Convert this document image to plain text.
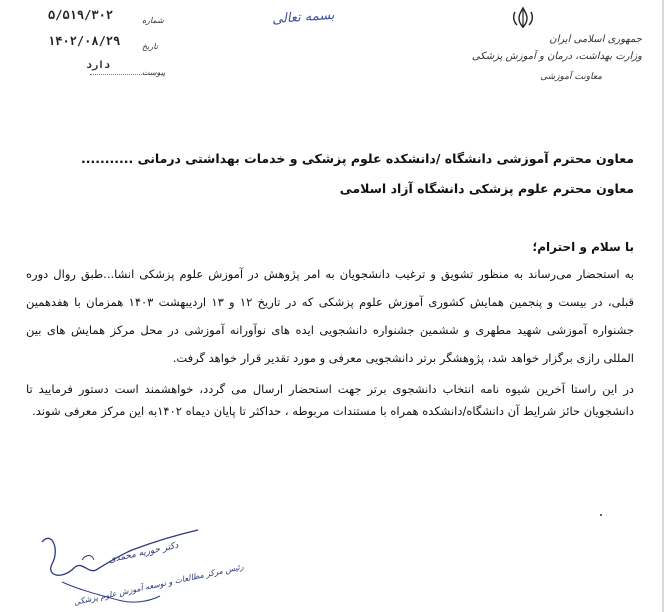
۵/۵۱۹/۳۰۲	شماره
۱۴۰۲/۰۸/۲۹	تاریخ
دارد
پیوست
بسمه تعالی
جمهوری اسلامی ایران
وزارت بهداشت، درمان و آموزش پزشکی
معاونت آموزشی

معاون محترم آموزشی دانشگاه /دانشکده علوم پزشکی و خدمات بهداشتی درمانی ...........

معاون محترم علوم پزشکی دانشگاه آزاد اسلامی

با سلام و احترام؛

به استحضار می‌رساند به منظور تشویق و ترغیب دانشجویان به امر پژوهش در آموزش علوم پزشکی انشا...طبق روال دوره قبلی، در بیست و پنجمین همایش کشوری آموزش علوم پزشکی که در تاریخ ۱۲ و ۱۳ اردیبهشت ۱۴۰۳ همزمان با هفدهمین جشنواره آموزشی شهید مطهری و ششمین جشنواره دانشجویی ایده های نوآورانه آموزشی در محل مرکز همایش های بین المللی رازی برگزار خواهد شد، پژوهشگر برتر دانشجویی معرفی و مورد تقدیر قرار خواهد گرفت.

در این راستا آخرین شیوه نامه انتخاب دانشجوی برتر جهت استحضار ارسال می گردد، خواهشمند است دستور فرمایید تا دانشجویان حائز شرایط آن دانشگاه/دانشکده همراه با مستندات مربوطه ، حداکثر تا پایان دیماه ۱۴۰۲به این مرکز معرفی شوند.

دکتر حوریه محمدی
رئیس مرکز مطالعات و توسعه آموزش علوم پزشکی
